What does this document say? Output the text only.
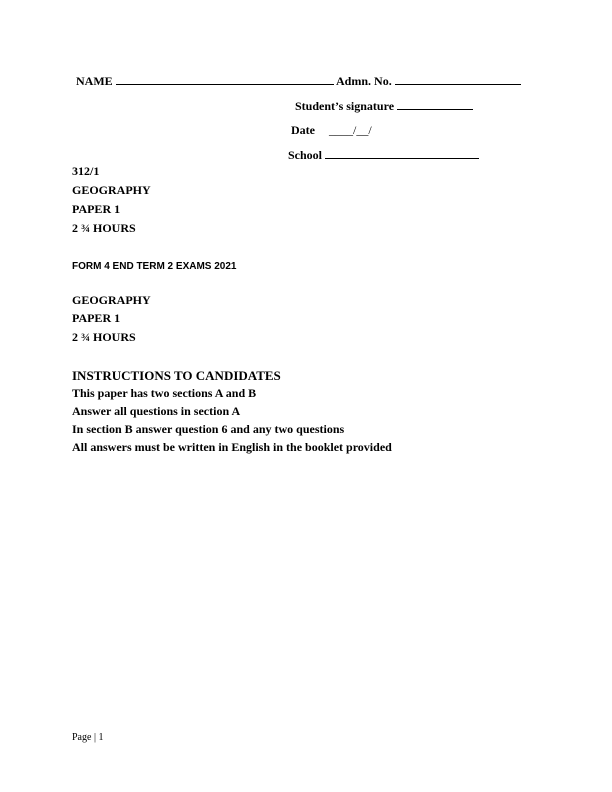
NAME	Admn. No.
Student’s signature
Date ____/__/
School
312/1
GEOGRAPHY
PAPER 1
2 ¾ HOURS
FORM 4 END TERM 2 EXAMS 2021
GEOGRAPHY
PAPER 1
2 ¾ HOURS
INSTRUCTIONS TO CANDIDATES
This paper has two sections A and B
Answer all questions in section A
In section B answer question 6 and any two questions
All answers must be written in English in the booklet provided
Page | 1
